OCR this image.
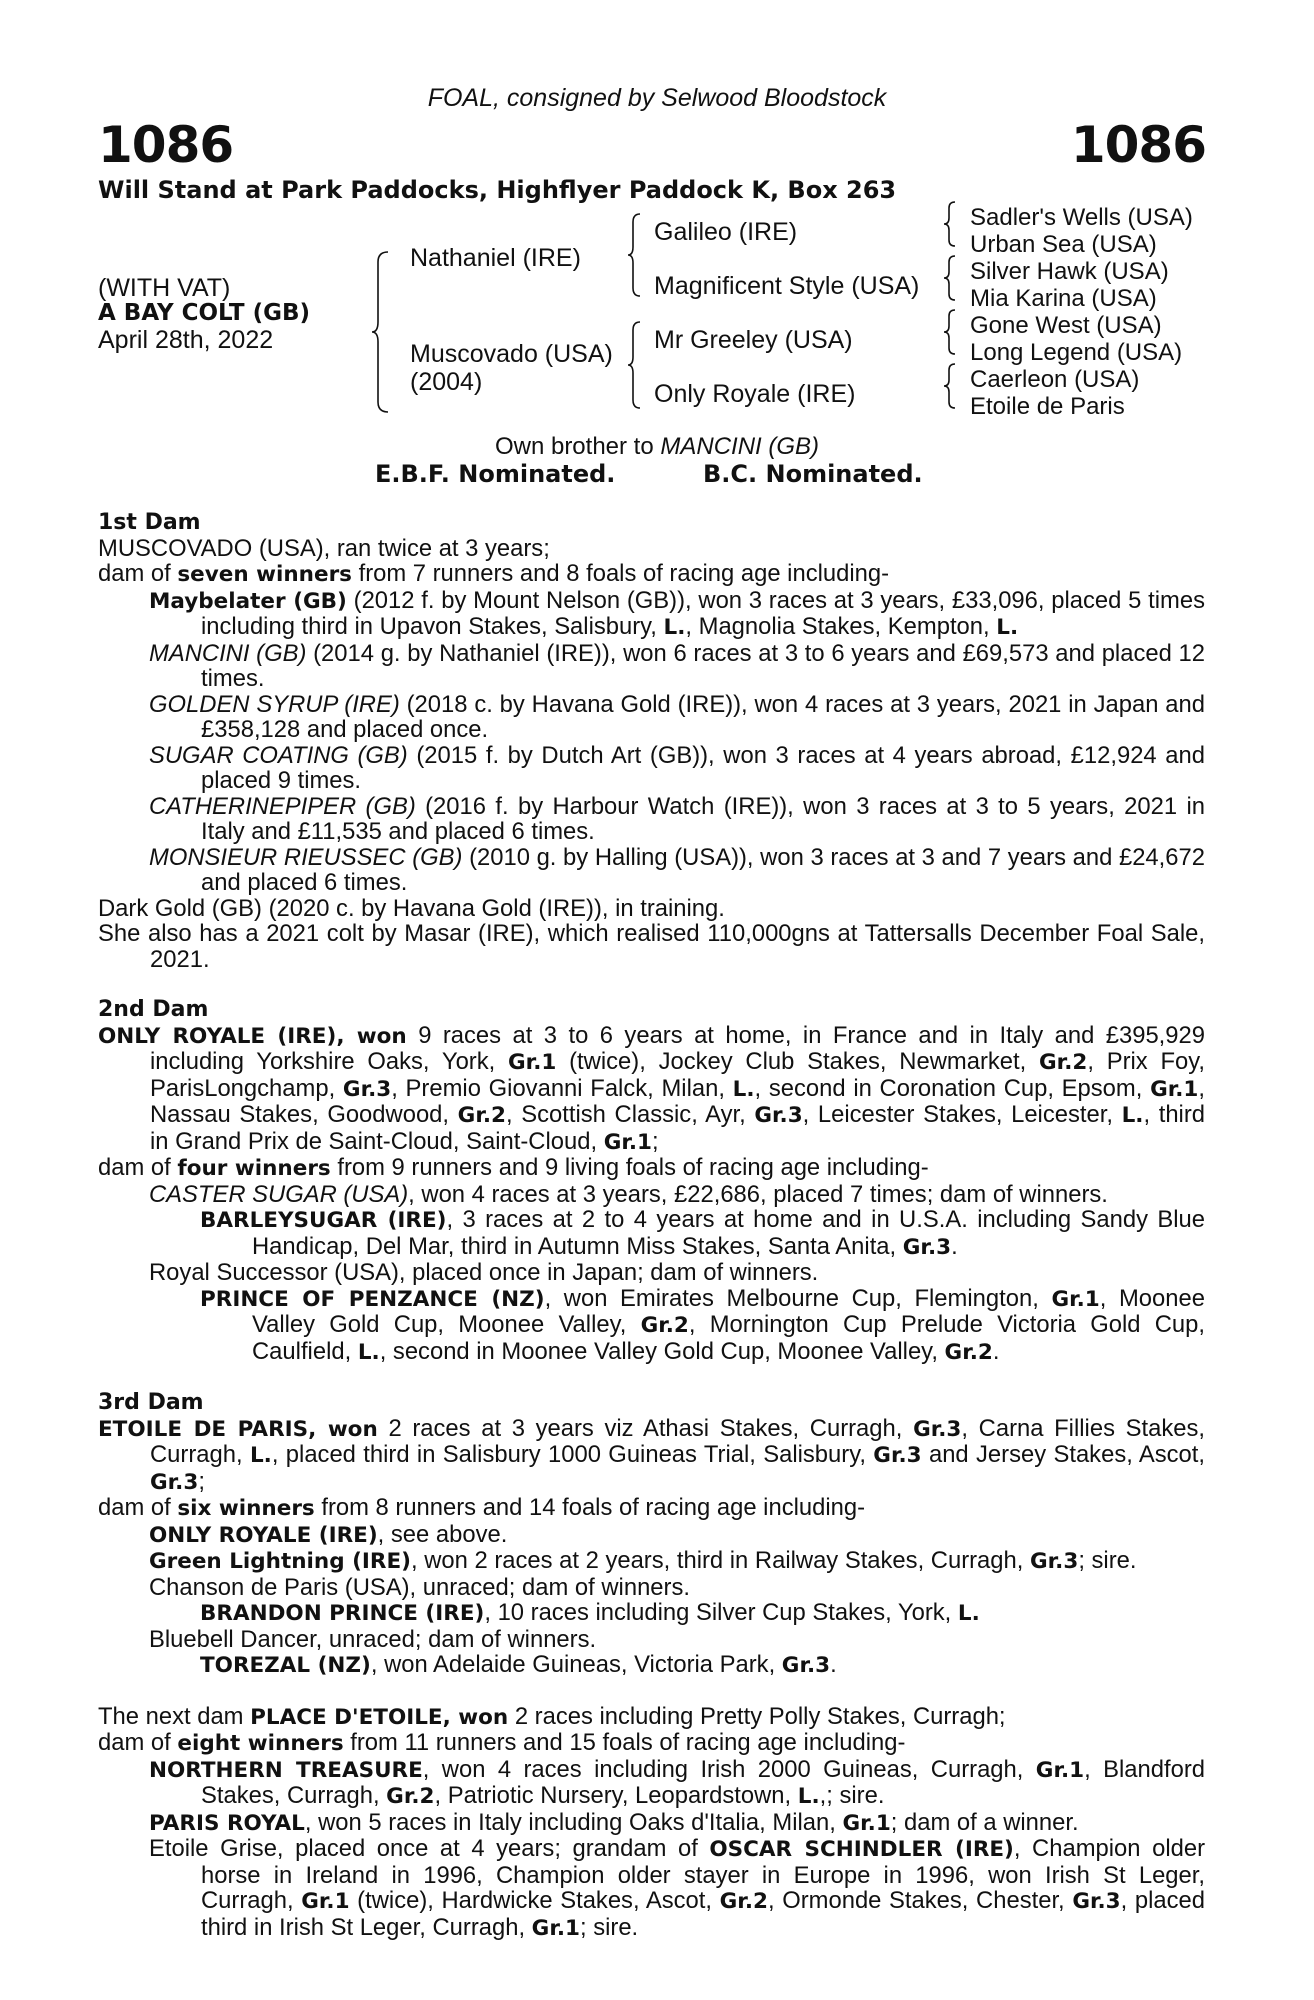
FOAL, consigned by Selwood Bloodstock
1086	1086
Will Stand at Park Paddocks, Highflyer Paddock K, Box 263
(WITH VAT)
A BAY COLT (GB)
April 28th, 2022
Nathaniel (IRE)
Muscovado (USA)
(2004)
Galileo (IRE)
Magnificent Style (USA)
Mr Greeley (USA)
Only Royale (IRE)
Sadler's Wells (USA)
Urban Sea (USA)
Silver Hawk (USA)
Mia Karina (USA)
Gone West (USA)
Long Legend (USA)
Caerleon (USA)
Etoile de Paris
Own brother to MANCINI (GB)
E.B.F. Nominated.	B.C. Nominated.

1st Dam

MUSCOVADO (USA), ran twice at 3 years;

dam of seven winners from 7 runners and 8 foals of racing age including-

Maybelater (GB) (2012 f. by Mount Nelson (GB)), won 3 races at 3 years, £33,096, placed 5 times including third in Upavon Stakes, Salisbury, L., Magnolia Stakes, Kempton, L.

MANCINI (GB) (2014 g. by Nathaniel (IRE)), won 6 races at 3 to 6 years and £69,573 and placed 12 times.

GOLDEN SYRUP (IRE) (2018 c. by Havana Gold (IRE)), won 4 races at 3 years, 2021 in Japan and £358,128 and placed once.

SUGAR COATING (GB) (2015 f. by Dutch Art (GB)), won 3 races at 4 years abroad, £12,924 and placed 9 times.

CATHERINEPIPER (GB) (2016 f. by Harbour Watch (IRE)), won 3 races at 3 to 5 years, 2021 in Italy and £11,535 and placed 6 times.

MONSIEUR RIEUSSEC (GB) (2010 g. by Halling (USA)), won 3 races at 3 and 7 years and £24,672 and placed 6 times.

Dark Gold (GB) (2020 c. by Havana Gold (IRE)), in training.

She also has a 2021 colt by Masar (IRE), which realised 110,000gns at Tattersalls December Foal Sale, 2021.

2nd Dam

ONLY ROYALE (IRE), won 9 races at 3 to 6 years at home, in France and in Italy and £395,929 including Yorkshire Oaks, York, Gr.1 (twice), Jockey Club Stakes, Newmarket, Gr.2, Prix Foy, ParisLongchamp, Gr.3, Premio Giovanni Falck, Milan, L., second in Coronation Cup, Epsom, Gr.1, Nassau Stakes, Goodwood, Gr.2, Scottish Classic, Ayr, Gr.3, Leicester Stakes, Leicester, L., third in Grand Prix de Saint-Cloud, Saint-Cloud, Gr.1;

dam of four winners from 9 runners and 9 living foals of racing age including-

CASTER SUGAR (USA), won 4 races at 3 years, £22,686, placed 7 times; dam of winners.

BARLEYSUGAR (IRE), 3 races at 2 to 4 years at home and in U.S.A. including Sandy Blue Handicap, Del Mar, third in Autumn Miss Stakes, Santa Anita, Gr.3.

Royal Successor (USA), placed once in Japan; dam of winners.

PRINCE OF PENZANCE (NZ), won Emirates Melbourne Cup, Flemington, Gr.1, Moonee Valley Gold Cup, Moonee Valley, Gr.2, Mornington Cup Prelude Victoria Gold Cup, Caulfield, L., second in Moonee Valley Gold Cup, Moonee Valley, Gr.2.

3rd Dam

ETOILE DE PARIS, won 2 races at 3 years viz Athasi Stakes, Curragh, Gr.3, Carna Fillies Stakes, Curragh, L., placed third in Salisbury 1000 Guineas Trial, Salisbury, Gr.3 and Jersey Stakes, Ascot, Gr.3;

dam of six winners from 8 runners and 14 foals of racing age including-

ONLY ROYALE (IRE), see above.

Green Lightning (IRE), won 2 races at 2 years, third in Railway Stakes, Curragh, Gr.3; sire.

Chanson de Paris (USA), unraced; dam of winners.

BRANDON PRINCE (IRE), 10 races including Silver Cup Stakes, York, L.

Bluebell Dancer, unraced; dam of winners.

TOREZAL (NZ), won Adelaide Guineas, Victoria Park, Gr.3.

The next dam PLACE D'ETOILE, won 2 races including Pretty Polly Stakes, Curragh;

dam of eight winners from 11 runners and 15 foals of racing age including-

NORTHERN TREASURE, won 4 races including Irish 2000 Guineas, Curragh, Gr.1, Blandford Stakes, Curragh, Gr.2, Patriotic Nursery, Leopardstown, L.,; sire.

PARIS ROYAL, won 5 races in Italy including Oaks d'Italia, Milan, Gr.1; dam of a winner.

Etoile Grise, placed once at 4 years; grandam of OSCAR SCHINDLER (IRE), Champion older horse in Ireland in 1996, Champion older stayer in Europe in 1996, won Irish St Leger, Curragh, Gr.1 (twice), Hardwicke Stakes, Ascot, Gr.2, Ormonde Stakes, Chester, Gr.3, placed third in Irish St Leger, Curragh, Gr.1; sire.
